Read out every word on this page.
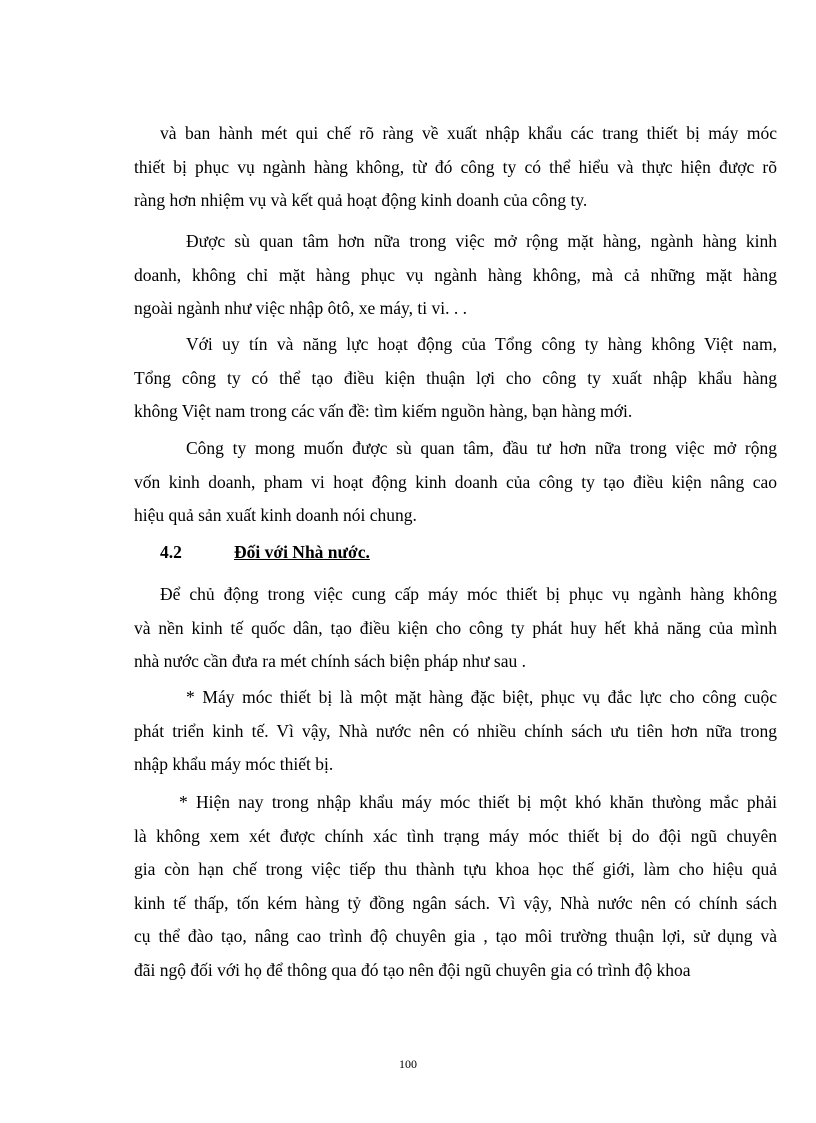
và ban hành mét qui chế rõ ràng về xuất nhập khẩu các trang thiết bị máy móc
thiết bị phục vụ ngành hàng không, từ đó công ty có thể hiểu và thực hiện được rõ
ràng hơn nhiệm vụ và kết quả hoạt động kinh doanh của công ty.

Được sù quan tâm hơn nữa trong việc mở rộng mặt hàng, ngành hàng kinh
doanh, không chỉ mặt hàng phục vụ ngành hàng không, mà cả những mặt hàng
ngoài ngành như việc nhập ôtô, xe máy, ti vi. . .

Với uy tín và năng lực hoạt động của Tổng công ty hàng không Việt nam,
Tổng công ty có thể tạo điều kiện thuận lợi cho công ty xuất nhập khẩu hàng
không Việt nam trong các vấn đề: tìm kiếm nguồn hàng, bạn hàng mới.

Công ty mong muốn được sù quan tâm, đầu tư hơn nữa trong việc mở rộng
vốn kinh doanh, pham vi hoạt động kinh doanh của công ty tạo điều kiện nâng cao
hiệu quả sản xuất kinh doanh nói chung.

4.2	Đối với Nhà nước.

Để chủ động trong việc cung cấp máy móc thiết bị phục vụ ngành hàng không
và nền kinh tế quốc dân, tạo điều kiện cho công ty phát huy hết khả năng của mình
nhà nước cần đưa ra mét chính sách biện pháp như sau .

* Máy móc thiết bị là một mặt hàng đặc biệt, phục vụ đắc lực cho công cuộc
phát triển kinh tế. Vì vậy, Nhà nước nên có nhiều chính sách ưu tiên hơn nữa trong
nhập khẩu máy móc thiết bị.

* Hiện nay trong nhập khẩu máy móc thiết bị một khó khăn thưòng mắc phải
là không xem xét được chính xác tình trạng máy móc thiết bị do đội ngũ chuyên
gia còn hạn chế trong việc tiếp thu thành tựu khoa học thế giới, làm cho hiệu quả
kinh tế thấp, tốn kém hàng tỷ đồng ngân sách. Vì vậy, Nhà nước nên có chính sách
cụ thể đào tạo, nâng cao trình độ chuyên gia , tạo môi trường thuận lợi, sử dụng và
đãi ngộ đối với họ để thông qua đó tạo nên đội ngũ chuyên gia có trình độ khoa

100
